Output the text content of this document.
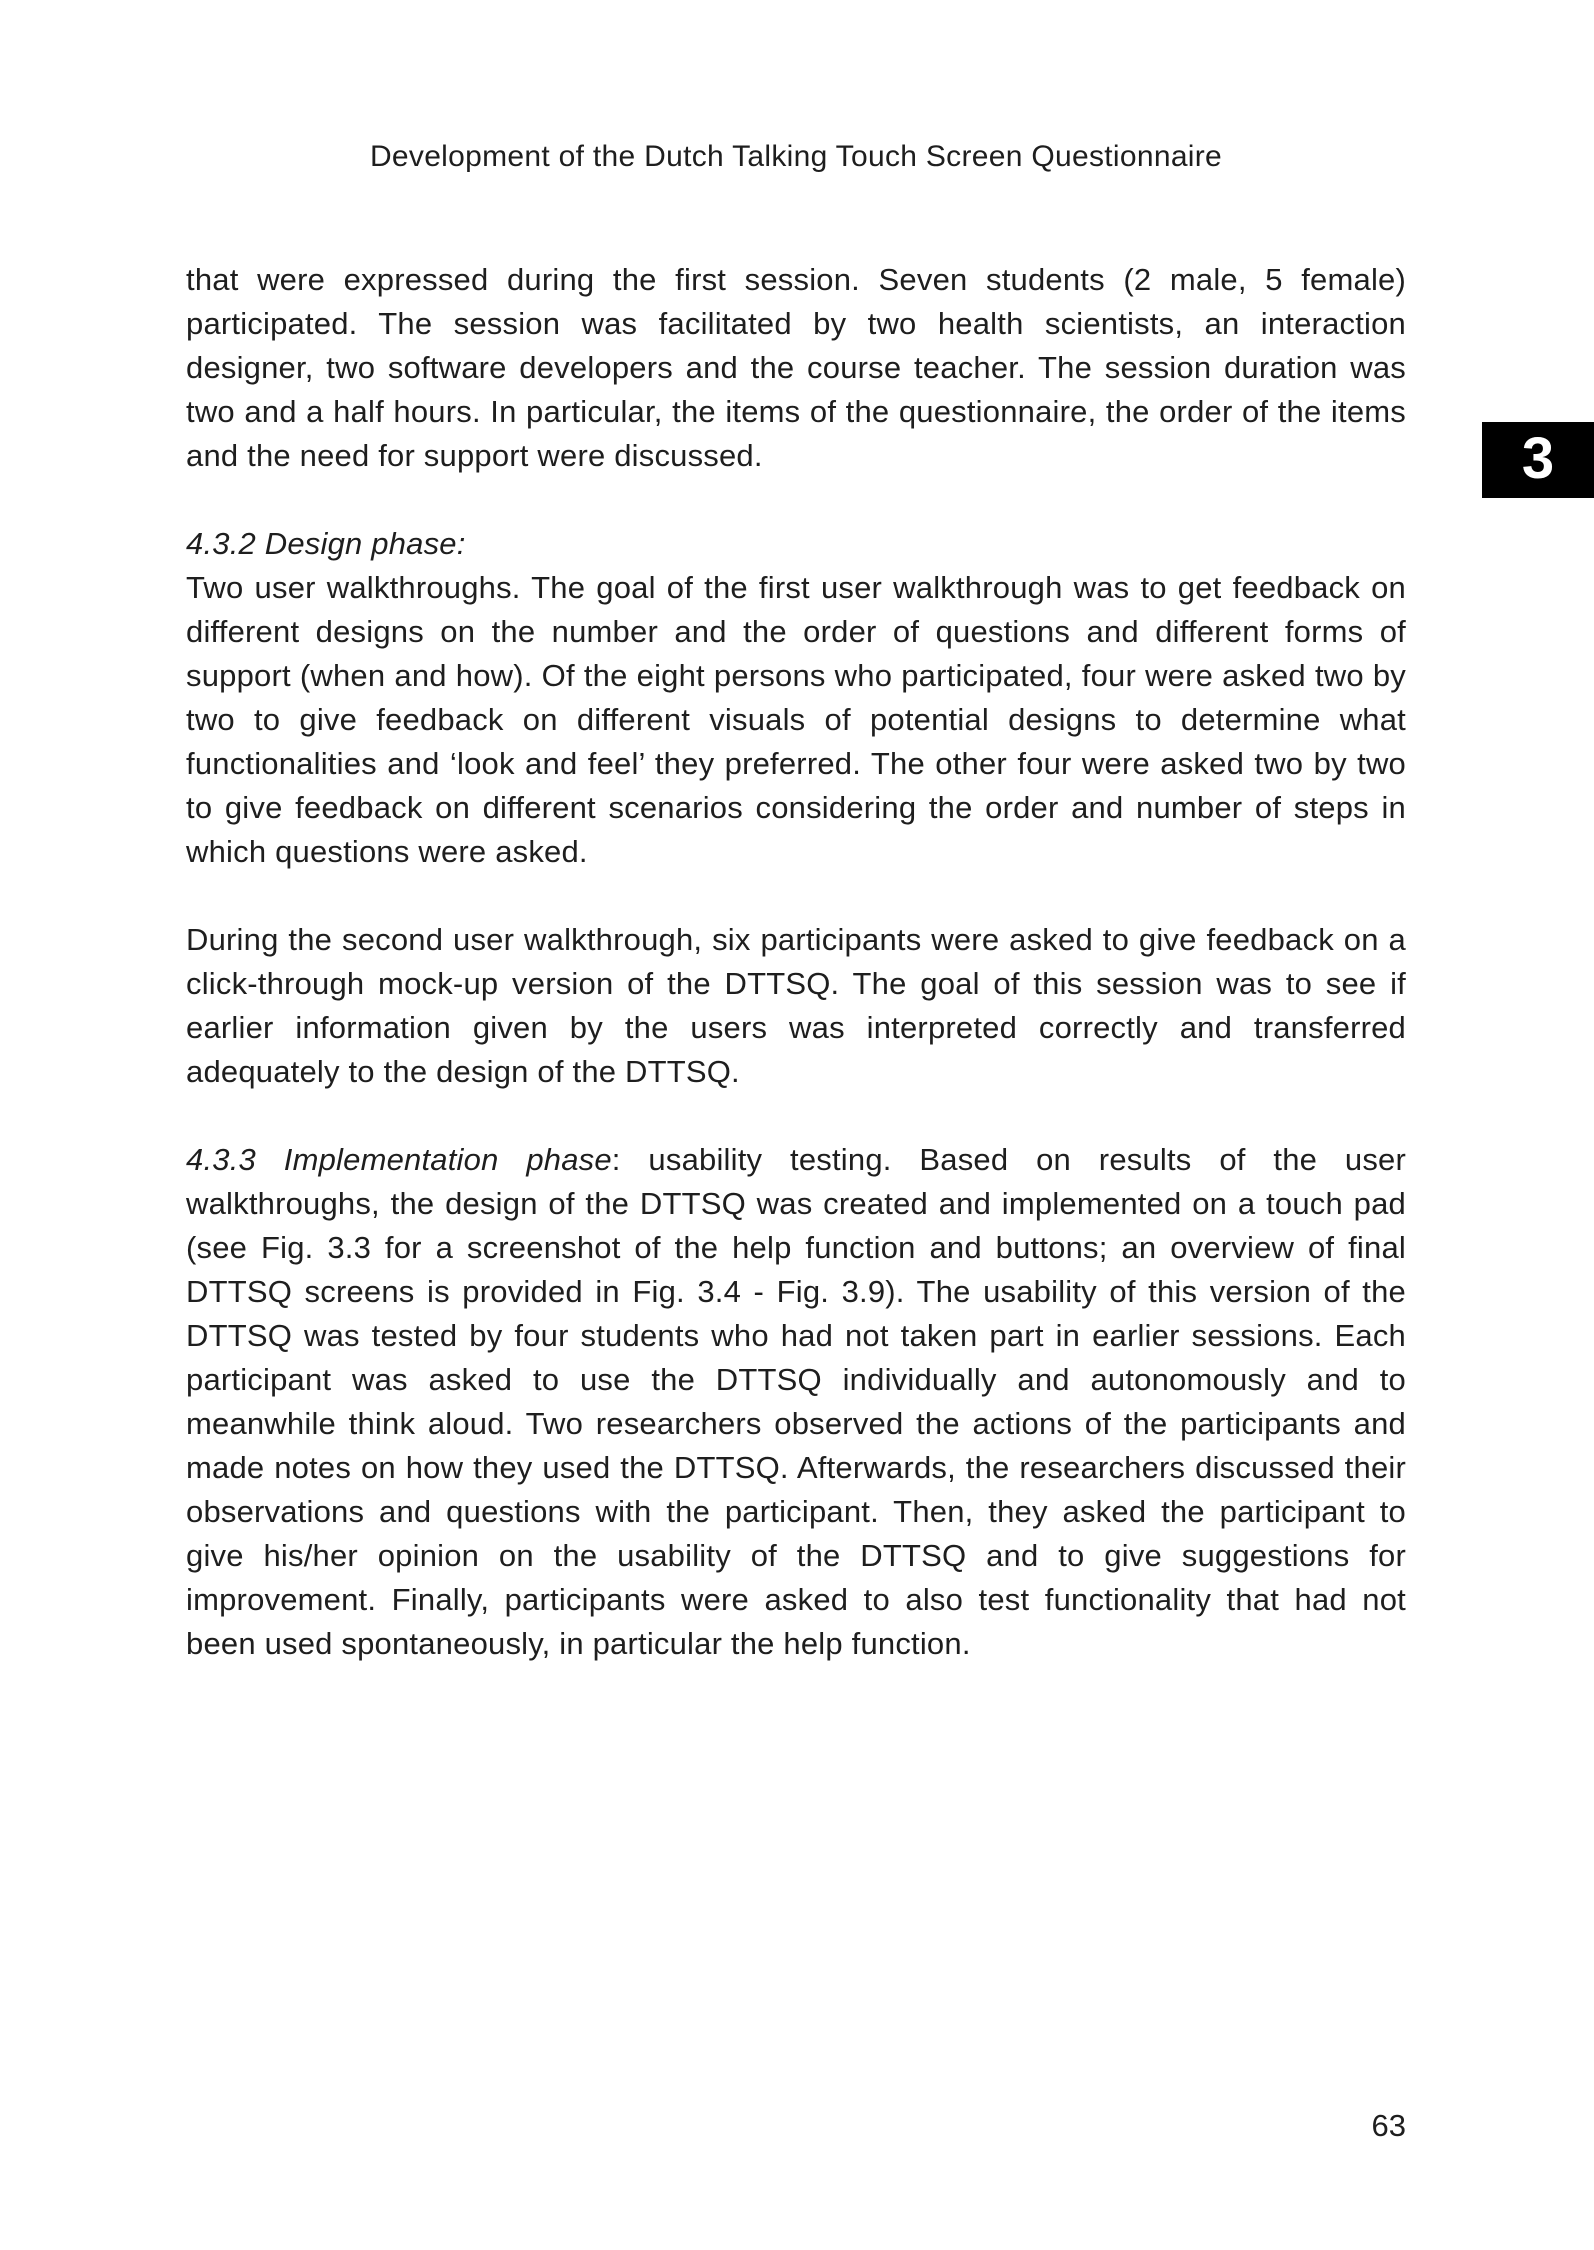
Development of the Dutch Talking Touch Screen Questionnaire
3

that were expressed during the first session. Seven students (2 male, 5 female) participated. The session was facilitated by two health scientists, an interaction designer, two software developers and the course teacher. The session duration was two and a half hours. In particular, the items of the questionnaire, the order of the items and the need for support were discussed.

4.3.2 Design phase:

Two user walkthroughs. The goal of the first user walkthrough was to get feedback on different designs on the number and the order of questions and different forms of support (when and how). Of the eight persons who participated, four were asked two by two to give feedback on different visuals of potential designs to determine what functionalities and ‘look and feel’ they preferred. The other four were asked two by two to give feedback on different scenarios considering the order and number of steps in which questions were asked.

During the second user walkthrough, six participants were asked to give feedback on a click-through mock-up version of the DTTSQ. The goal of this session was to see if earlier information given by the users was interpreted correctly and transferred adequately to the design of the DTTSQ.

4.3.3 Implementation phase: usability testing. Based on results of the user walkthroughs, the design of the DTTSQ was created and implemented on a touch pad (see Fig. 3.3 for a screenshot of the help function and buttons; an overview of final DTTSQ screens is provided in Fig. 3.4 - Fig. 3.9). The usability of this version of the DTTSQ was tested by four students who had not taken part in earlier sessions. Each participant was asked to use the DTTSQ individually and autonomously and to meanwhile think aloud. Two researchers observed the actions of the participants and made notes on how they used the DTTSQ. Afterwards, the researchers discussed their observations and questions with the participant. Then, they asked the participant to give his/her opinion on the usability of the DTTSQ and to give suggestions for improvement. Finally, participants were asked to also test functionality that had not been used spontaneously, in particular the help function.

63
